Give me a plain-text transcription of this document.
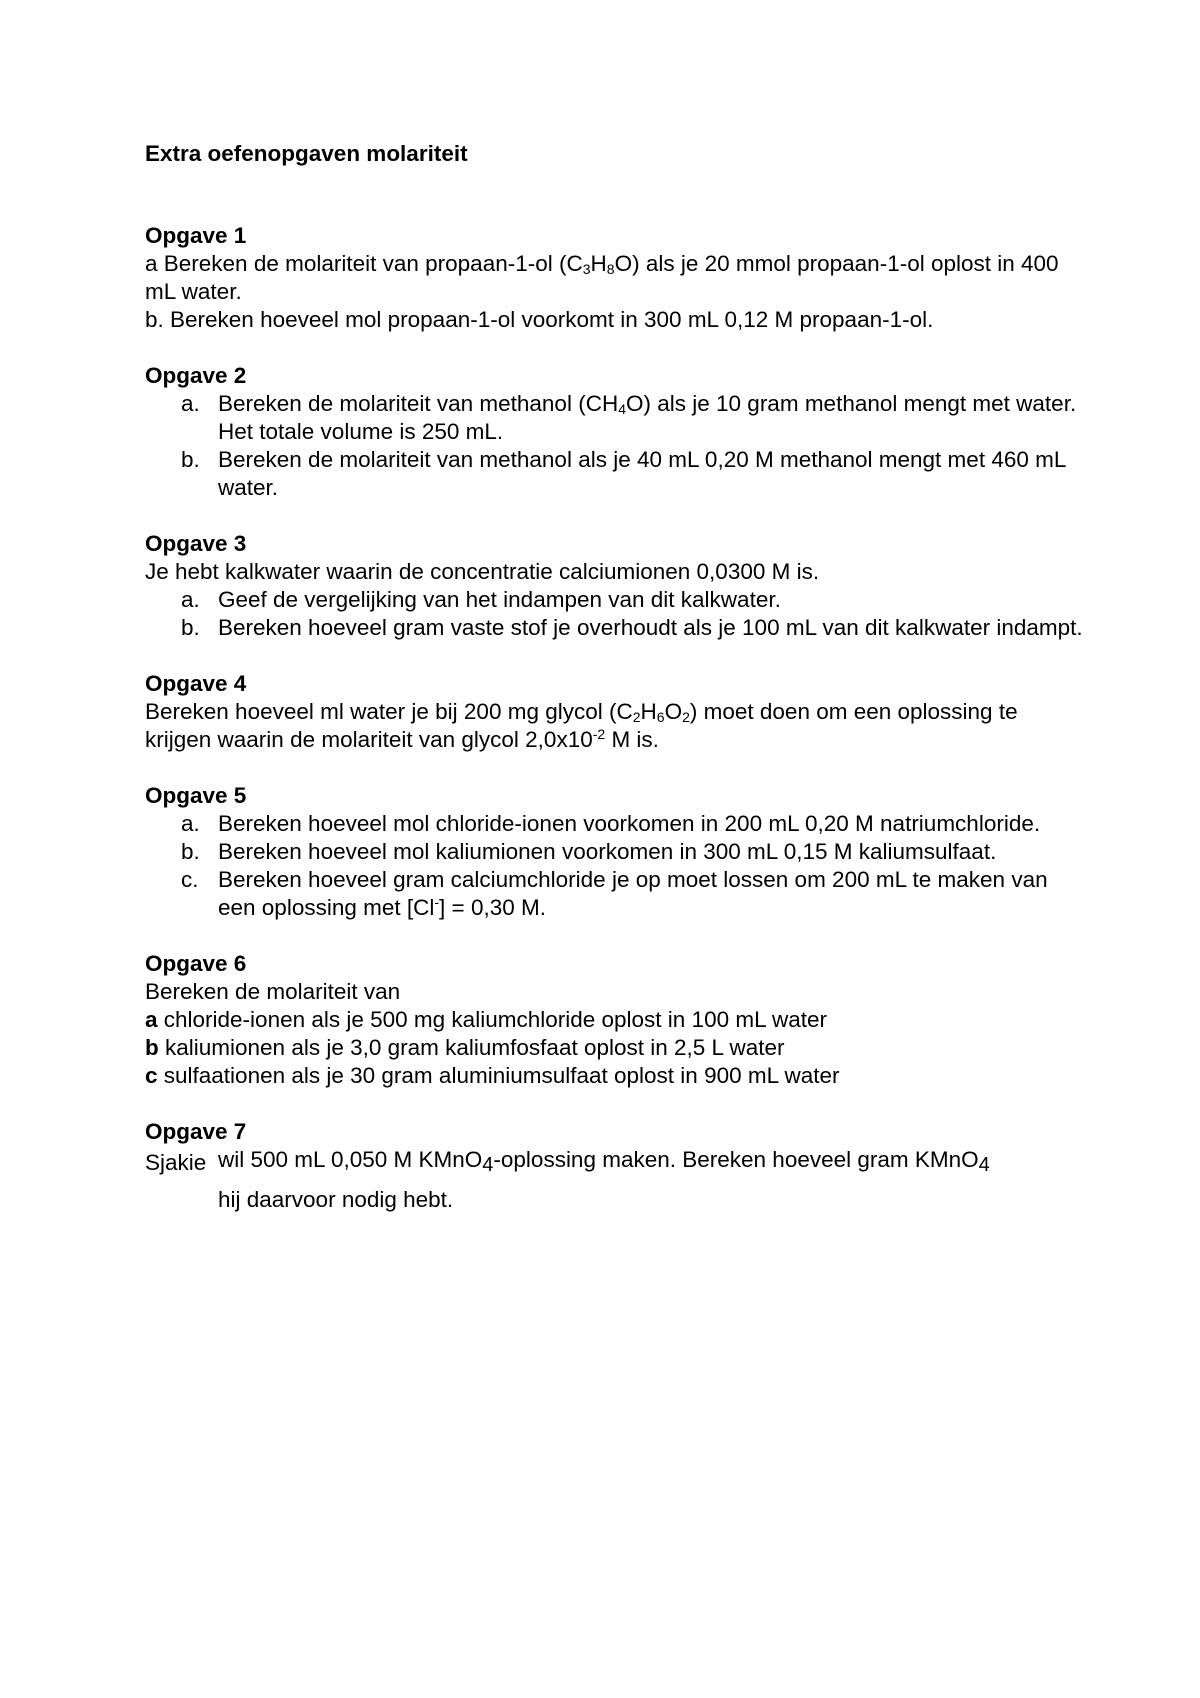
Extra oefenopgaven molariteit

Opgave 1

a Bereken de molariteit van propaan-1-ol $(C_3H_8O)$ als je 20 mmol propaan-1-ol oplost in 400 mL water.

b. Bereken hoeveel mol propaan-1-ol voorkomt in 300 mL 0,12 M propaan-1-ol.

Opgave 2

a. Bereken de molariteit van methanol $(CH_4O)$ als je 10 gram methanol mengt met water. Het totale volume is 250 mL.
b. Bereken de molariteit van methanol als je 40 mL 0,20 M methanol mengt met 460 mL water.

Opgave 3

Je hebt kalkwater waarin de concentratie calciumionen 0,0300 M is.

a. Geef de vergelijking van het indampen van dit kalkwater.
b. Bereken hoeveel gram vaste stof je overhoudt als je 100 mL van dit kalkwater indampt.

Opgave 4

Bereken hoeveel ml water je bij 200 mg glycol $(C_2H_6O_2)$ moet doen om een oplossing te krijgen waarin de molariteit van glycol $2,0x10^{-2}$ M is.

Opgave 5

a. Bereken hoeveel mol chloride-ionen voorkomen in 200 mL 0,20 M natriumchloride.
b. Bereken hoeveel mol kaliumionen voorkomen in 300 mL 0,15 M kaliumsulfaat.
c. Bereken hoeveel gram calciumchloride je op moet lossen om 200 mL te maken van een oplossing met [Cl-] = 0,30 M.

Opgave 6

Bereken de molariteit van

a chloride-ionen als je 500 mg kaliumchloride oplost in 100 mL water

b kaliumionen als je 3,0 gram kaliumfosfaat oplost in 2,5 L water

c sulfaationen als je 30 gram aluminiumsulfaat oplost in 900 mL water

Opgave 7

Sjakie wil 500 mL 0,050 M KMnO$_4$-oplossing maken. Bereken hoeveel gram KMnO$_4$
hij daarvoor nodig hebt.
